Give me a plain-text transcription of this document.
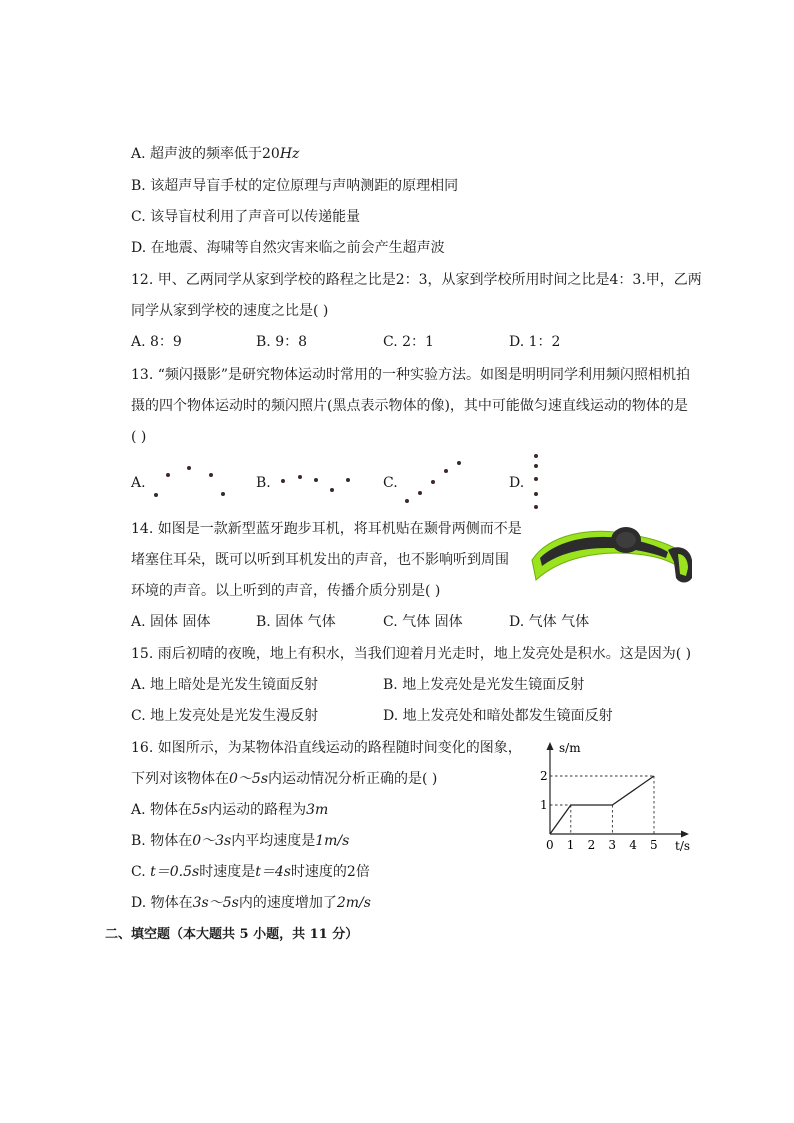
A. 超声波的频率低于20Hz
B. 该超声导盲手杖的定位原理与声呐测距的原理相同
C. 该导盲杖利用了声音可以传递能量
D. 在地震、海啸等自然灾害来临之前会产生超声波
12. 甲、乙两同学从家到学校的路程之比是2：3，从家到学校所用时间之比是4：3.甲，乙两
同学从家到学校的速度之比是( )
A. 8：9	B. 9：8	C. 2：1	D. 1：2
13. “频闪摄影”是研究物体运动时常用的一种实验方法。如图是明明同学利用频闪照相机拍
摄的四个物体运动时的频闪照片(黑点表示物体的像)，其中可能做匀速直线运动的物体的是
( )
A.	B.	C.	D.
14. 如图是一款新型蓝牙跑步耳机，将耳机贴在颞骨两侧而不是
堵塞住耳朵，既可以听到耳机发出的声音，也不影响听到周围
环境的声音。以上听到的声音，传播介质分别是( )
A. 固体 固体	B. 固体 气体	C. 气体 固体	D. 气体 气体
15. 雨后初晴的夜晚，地上有积水，当我们迎着月光走时，地上发亮处是积水。这是因为( )
A. 地上暗处是光发生镜面反射	B. 地上发亮处是光发生镜面反射
C. 地上发亮处是光发生漫反射	D. 地上发亮处和暗处都发生镜面反射
16. 如图所示，为某物体沿直线运动的路程随时间变化的图象，
下列对该物体在0～5s内运动情况分析正确的是( )
A. 物体在5s内运动的路程为3m
B. 物体在0～3s内平均速度是1m/s
C. t＝0.5s时速度是t＝4s时速度的2倍
D. 物体在3s～5s内的速度增加了2m/s
s/m
t/s
0 1 2 3 4 5
1
2
二、填空题（本大题共 5 小题，共 11 分）
